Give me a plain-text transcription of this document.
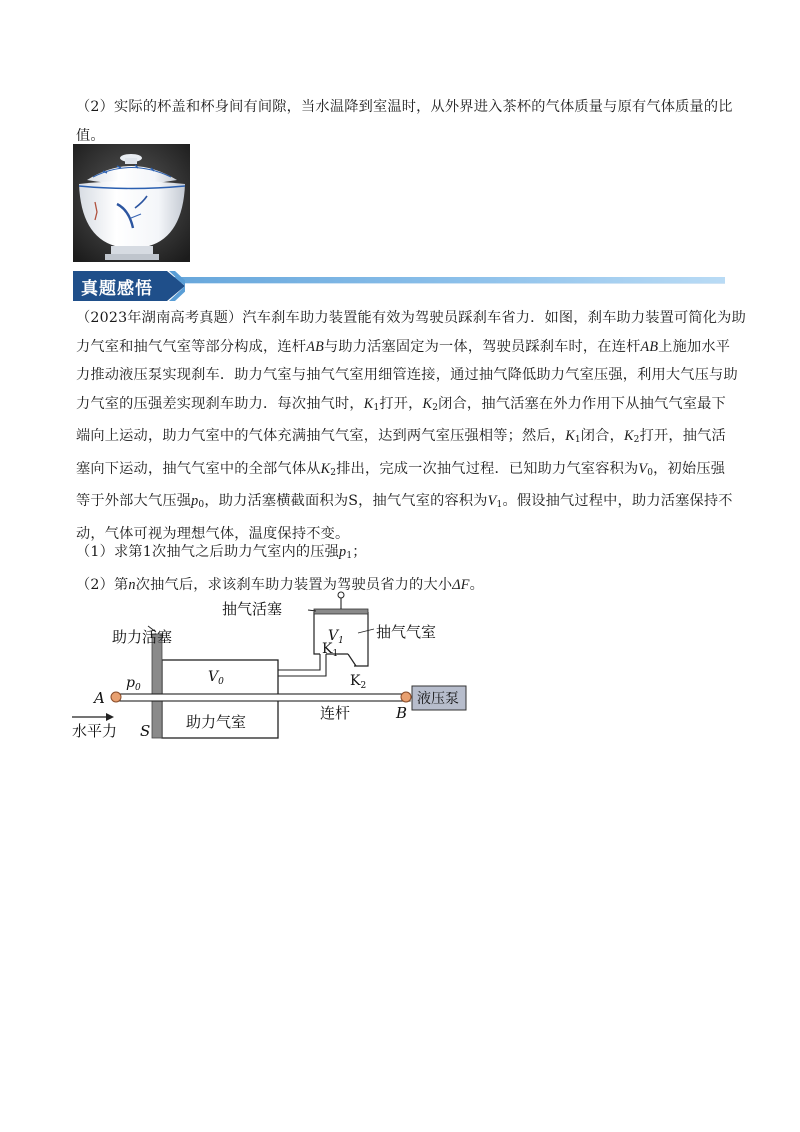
（2）实际的杯盖和杯身间有间隙，当水温降到室温时，从外界进入茶杯的气体质量与原有气体质量的比
值。
真题感悟
（2023年湖南高考真题）汽车刹车助力装置能有效为驾驶员踩刹车省力．如图，刹车助力装置可简化为助
力气室和抽气气室等部分构成，连杆AB与助力活塞固定为一体，驾驶员踩刹车时，在连杆AB上施加水平
力推动液压泵实现刹车．助力气室与抽气气室用细管连接，通过抽气降低助力气室压强，利用大气压与助
力气室的压强差实现刹车助力．每次抽气时，$K_1$打开，$K_2$闭合，抽气活塞在外力作用下从抽气气室最下
端向上运动，助力气室中的气体充满抽气气室，达到两气室压强相等；然后，$K_1$闭合，$K_2$打开，抽气活
塞向下运动，抽气气室中的全部气体从$K_2$排出，完成一次抽气过程．已知助力气室容积为$V_0$，初始压强
等于外部大气压强$p_0$，助力活塞横截面积为S，抽气气室的容积为$V_1$。假设抽气过程中，助力活塞保持不
动，气体可视为理想气体，温度保持不变。
（1）求第1次抽气之后助力气室内的压强$p_1$；
（2）第n次抽气后，求该刹车助力装置为驾驶员省力的大小ΔF。
抽气活塞
助力活塞	抽气气室
助力气室	连杆
液压泵
水平力
$V_1$
$V_0$
$p_0$
$K_1$
$K_2$
A
B
S
